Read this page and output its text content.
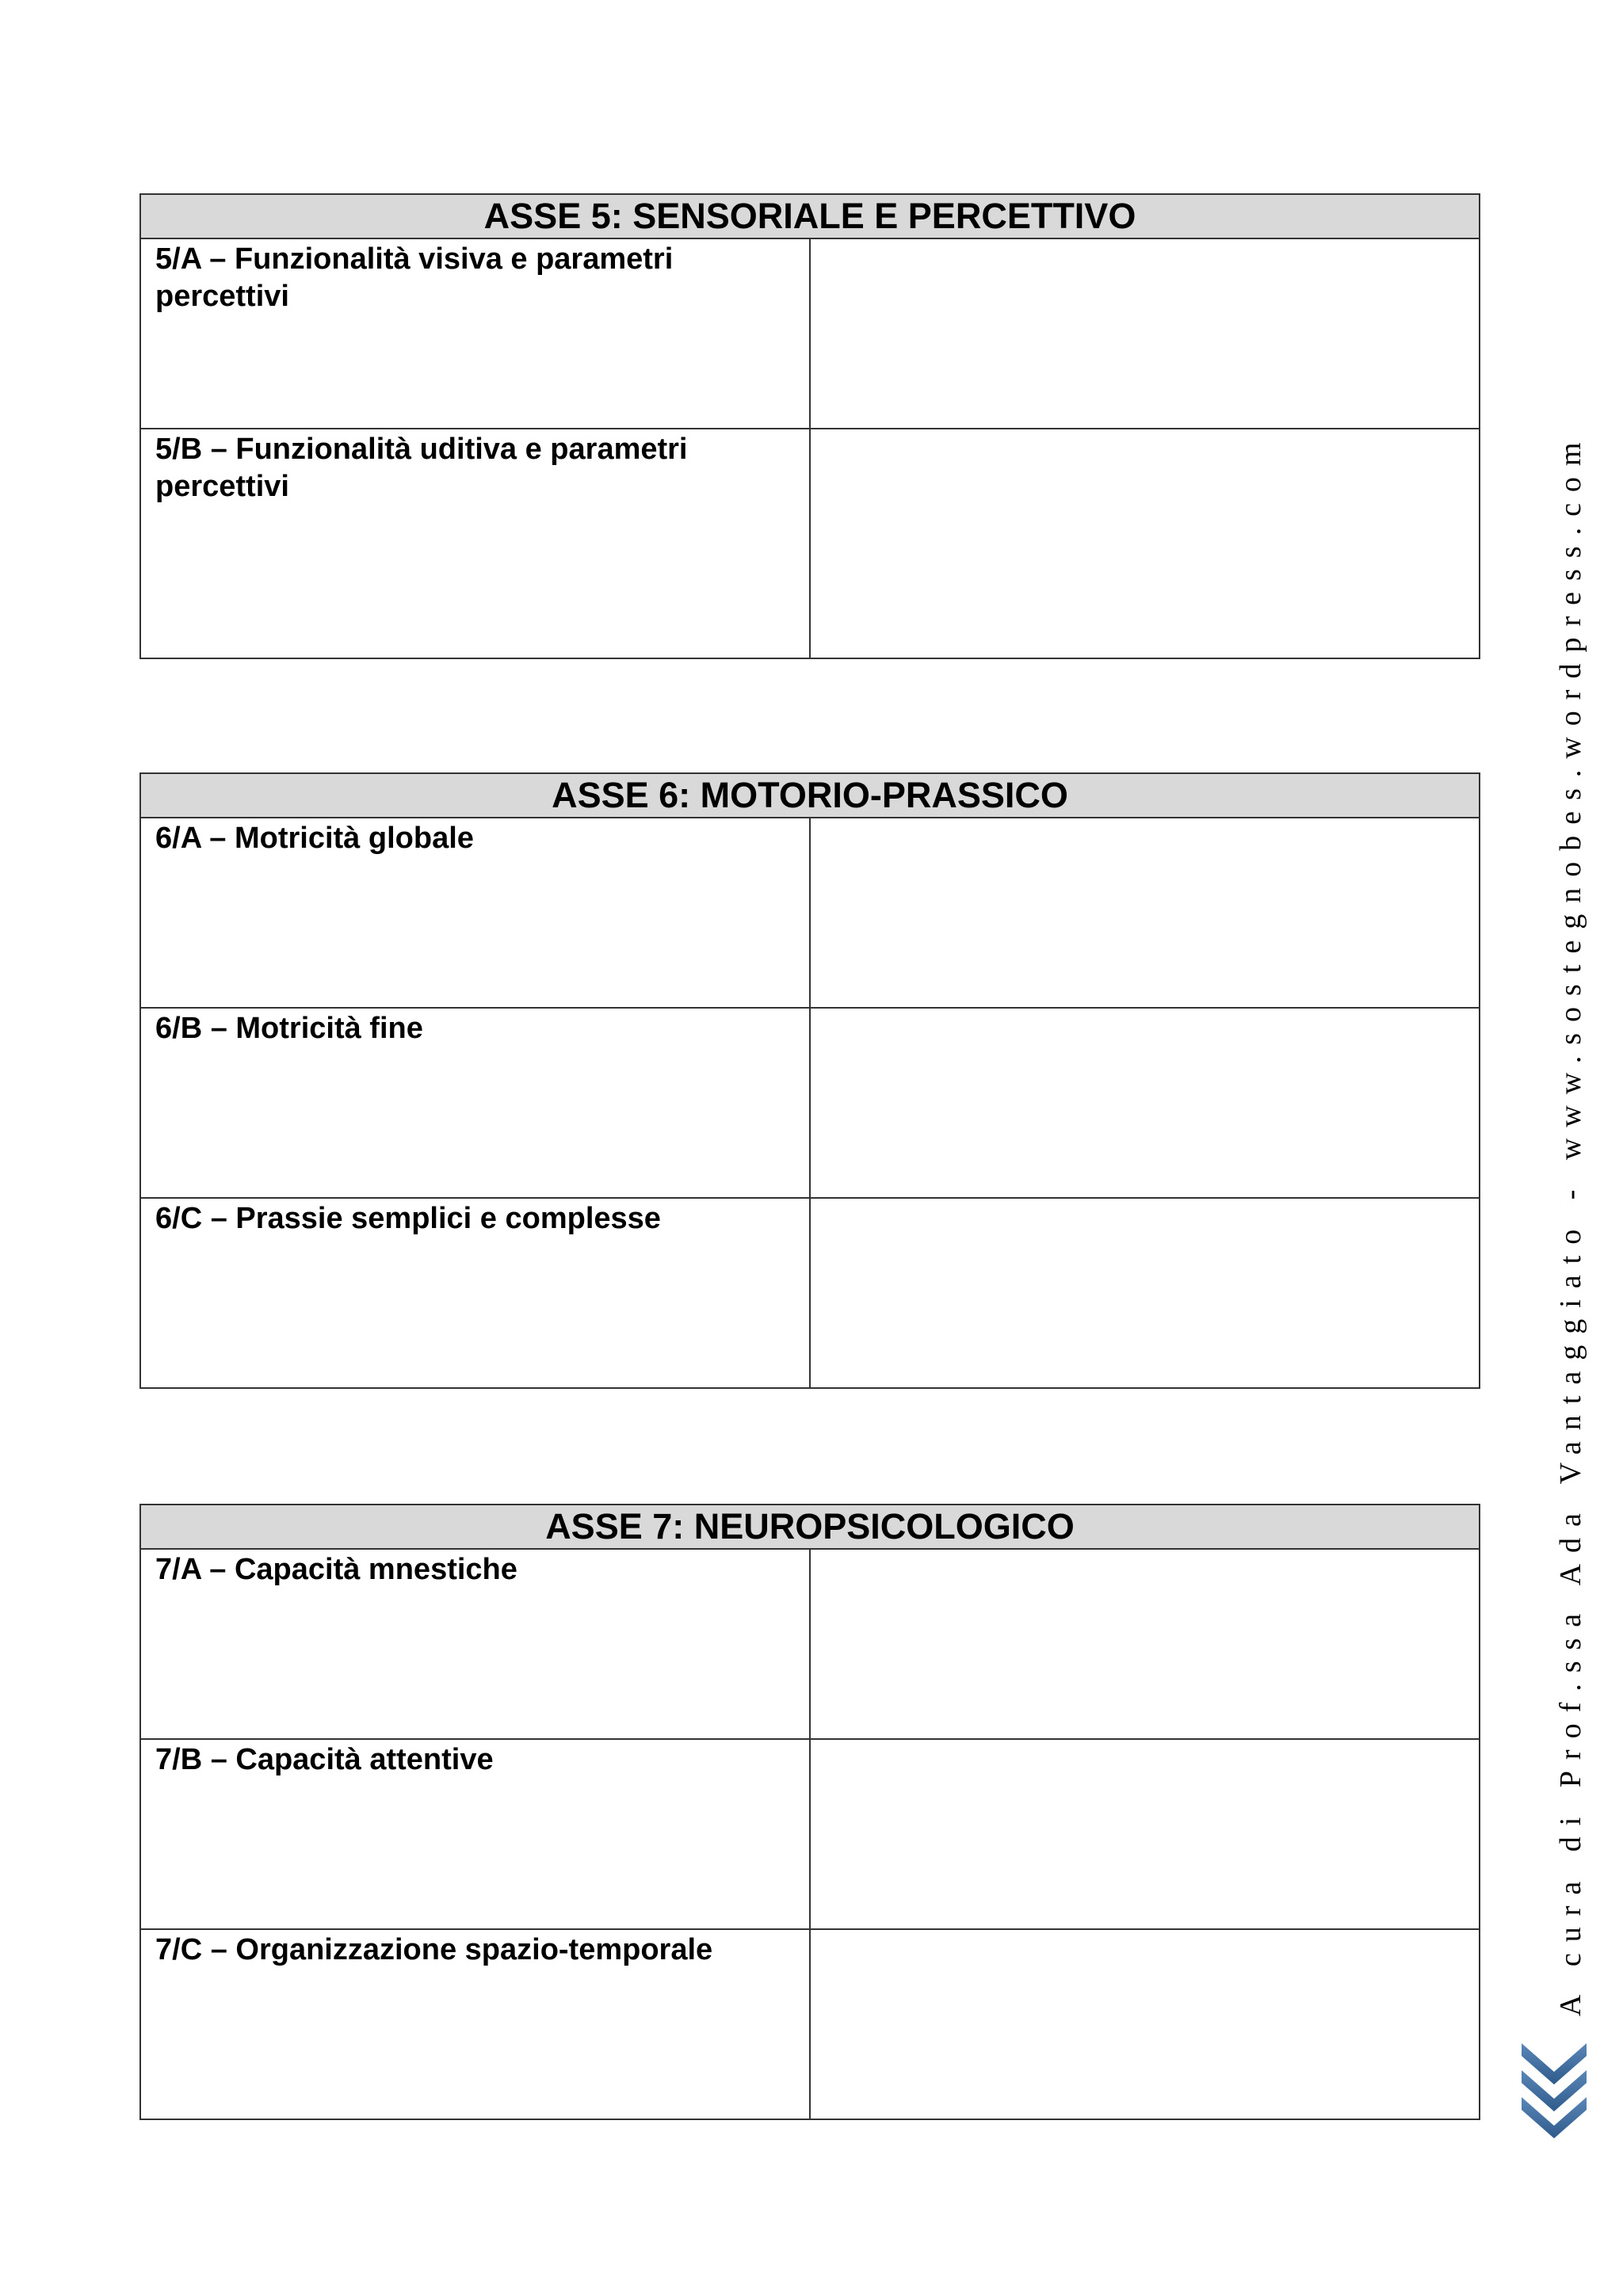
ASSE 5: SENSORIALE E PERCETTIVO	
5/A – Funzionalità visiva e parametri percettivi	
5/B – Funzionalità uditiva e parametri percettivi	
ASSE 6: MOTORIO-PRASSICO	
6/A – Motricità globale	
6/B – Motricità fine	
6/C – Prassie semplici e complesse	
ASSE 7: NEUROPSICOLOGICO	
7/A – Capacità mnestiche	
7/B – Capacità attentive	
7/C – Organizzazione spazio-temporale		A cura di Prof.ssa Ada Vantaggiato - www.sostegnobes.wordpress.com
